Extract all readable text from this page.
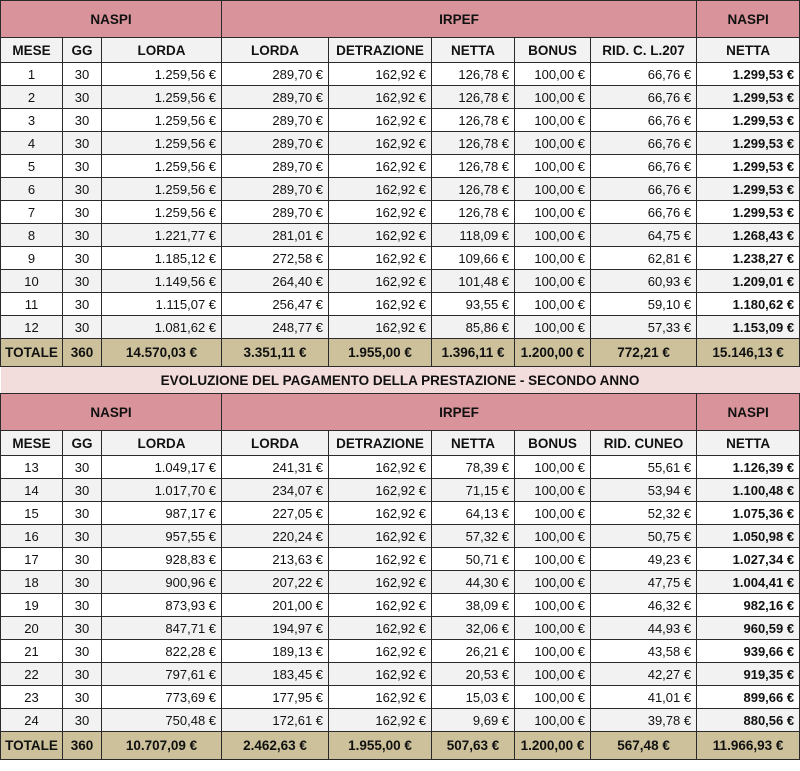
NASPI			IRPEF					NASPI
MESE	GG	LORDA	LORDA	DETRAZIONE	NETTA	BONUS	RID. C. L.207	NETTA
1	30	1.259,56 €	289,70 €	162,92 €	126,78 €	100,00 €	66,76 €	1.299,53 €
2	30	1.259,56 €	289,70 €	162,92 €	126,78 €	100,00 €	66,76 €	1.299,53 €
3	30	1.259,56 €	289,70 €	162,92 €	126,78 €	100,00 €	66,76 €	1.299,53 €
4	30	1.259,56 €	289,70 €	162,92 €	126,78 €	100,00 €	66,76 €	1.299,53 €
5	30	1.259,56 €	289,70 €	162,92 €	126,78 €	100,00 €	66,76 €	1.299,53 €
6	30	1.259,56 €	289,70 €	162,92 €	126,78 €	100,00 €	66,76 €	1.299,53 €
7	30	1.259,56 €	289,70 €	162,92 €	126,78 €	100,00 €	66,76 €	1.299,53 €
8	30	1.221,77 €	281,01 €	162,92 €	118,09 €	100,00 €	64,75 €	1.268,43 €
9	30	1.185,12 €	272,58 €	162,92 €	109,66 €	100,00 €	62,81 €	1.238,27 €
10	30	1.149,56 €	264,40 €	162,92 €	101,48 €	100,00 €	60,93 €	1.209,01 €
11	30	1.115,07 €	256,47 €	162,92 €	93,55 €	100,00 €	59,10 €	1.180,62 €
12	30	1.081,62 €	248,77 €	162,92 €	85,86 €	100,00 €	57,33 €	1.153,09 €
TOTALE	360	14.570,03 €	3.351,11 €	1.955,00 €	1.396,11 €	1.200,00 €	772,21 €	15.146,13 €
EVOLUZIONE DEL PAGAMENTO DELLA PRESTAZIONE - SECONDO ANNO								
NASPI			IRPEF					NASPI
MESE	GG	LORDA	LORDA	DETRAZIONE	NETTA	BONUS	RID. CUNEO	NETTA
13	30	1.049,17 €	241,31 €	162,92 €	78,39 €	100,00 €	55,61 €	1.126,39 €
14	30	1.017,70 €	234,07 €	162,92 €	71,15 €	100,00 €	53,94 €	1.100,48 €
15	30	987,17 €	227,05 €	162,92 €	64,13 €	100,00 €	52,32 €	1.075,36 €
16	30	957,55 €	220,24 €	162,92 €	57,32 €	100,00 €	50,75 €	1.050,98 €
17	30	928,83 €	213,63 €	162,92 €	50,71 €	100,00 €	49,23 €	1.027,34 €
18	30	900,96 €	207,22 €	162,92 €	44,30 €	100,00 €	47,75 €	1.004,41 €
19	30	873,93 €	201,00 €	162,92 €	38,09 €	100,00 €	46,32 €	982,16 €
20	30	847,71 €	194,97 €	162,92 €	32,06 €	100,00 €	44,93 €	960,59 €
21	30	822,28 €	189,13 €	162,92 €	26,21 €	100,00 €	43,58 €	939,66 €
22	30	797,61 €	183,45 €	162,92 €	20,53 €	100,00 €	42,27 €	919,35 €
23	30	773,69 €	177,95 €	162,92 €	15,03 €	100,00 €	41,01 €	899,66 €
24	30	750,48 €	172,61 €	162,92 €	9,69 €	100,00 €	39,78 €	880,56 €
TOTALE	360	10.707,09 €	2.462,63 €	1.955,00 €	507,63 €	1.200,00 €	567,48 €	11.966,93 €
